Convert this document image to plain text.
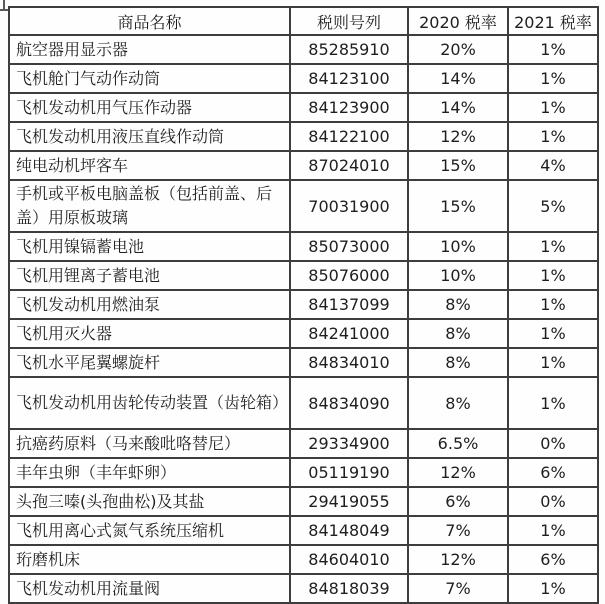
商品名称	税则号列	2020 税率	2021 税率
航空器用显示器	85285910	20%	1%
飞机舱门气动作动筒	84123100	14%	1%
飞机发动机用气压作动器	84123900	14%	1%
飞机发动机用液压直线作动筒	84122100	12%	1%
纯电动机坪客车	87024010	15%	4%
手机或平板电脑盖板（包括前盖、后盖）用原板玻璃	70031900	15%	5%
飞机用镍镉蓄电池	85073000	10%	1%
飞机用锂离子蓄电池	85076000	10%	1%
飞机发动机用燃油泵	84137099	8%	1%
飞机用灭火器	84241000	8%	1%
飞机水平尾翼螺旋杆	84834010	8%	1%
飞机发动机用齿轮传动装置（齿轮箱）	84834090	8%	1%
抗癌药原料（马来酸吡咯替尼）	29334900	6.5%	0%
丰年虫卵（丰年虾卵）	05119190	12%	6%
头孢三嗪(头孢曲松)及其盐	29419055	6%	0%
飞机用离心式氮气系统压缩机	84148049	7%	1%
珩磨机床	84604010	12%	6%
飞机发动机用流量阀	84818039	7%	1%
